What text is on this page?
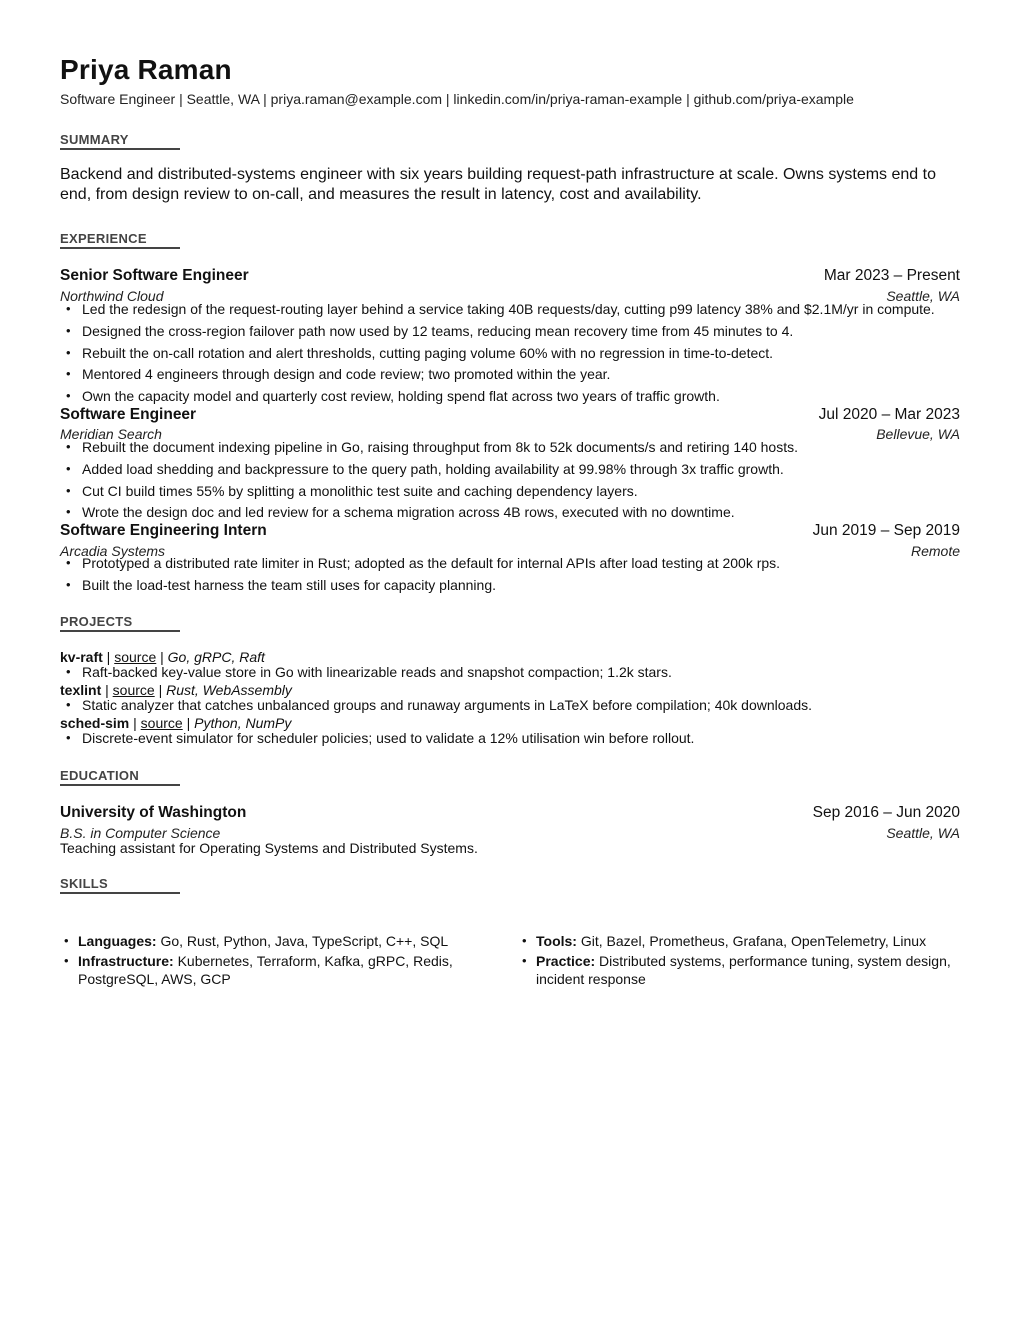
Priya Raman
Software Engineer | Seattle, WA | priya.raman@example.com | linkedin.com/in/priya-raman-example | github.com/priya-example
SUMMARY
Backend and distributed-systems engineer with six years building request-path infrastructure at scale. Owns systems end to end, from design review to on-call, and measures the result in latency, cost and availability.
EXPERIENCE
Senior Software Engineer	Mar 2023 – Present
Northwind Cloud	Seattle, WA
• Led the redesign of the request-routing layer behind a service taking 40B requests/day, cutting p99 latency 38% and $2.1M/yr in compute.
• Designed the cross-region failover path now used by 12 teams, reducing mean recovery time from 45 minutes to 4.
• Rebuilt the on-call rotation and alert thresholds, cutting paging volume 60% with no regression in time-to-detect.
• Mentored 4 engineers through design and code review; two promoted within the year.
• Own the capacity model and quarterly cost review, holding spend flat across two years of traffic growth.
Software Engineer	Jul 2020 – Mar 2023
Meridian Search	Bellevue, WA
• Rebuilt the document indexing pipeline in Go, raising throughput from 8k to 52k documents/s and retiring 140 hosts.
• Added load shedding and backpressure to the query path, holding availability at 99.98% through 3x traffic growth.
• Cut CI build times 55% by splitting a monolithic test suite and caching dependency layers.
• Wrote the design doc and led review for a schema migration across 4B rows, executed with no downtime.
Software Engineering Intern	Jun 2019 – Sep 2019
Arcadia Systems	Remote
• Prototyped a distributed rate limiter in Rust; adopted as the default for internal APIs after load testing at 200k rps.
• Built the load-test harness the team still uses for capacity planning.
PROJECTS
kv-raft | source | Go, gRPC, Raft
• Raft-backed key-value store in Go with linearizable reads and snapshot compaction; 1.2k stars.
texlint | source | Rust, WebAssembly
• Static analyzer that catches unbalanced groups and runaway arguments in LaTeX before compilation; 40k downloads.
sched-sim | source | Python, NumPy
• Discrete-event simulator for scheduler policies; used to validate a 12% utilisation win before rollout.
EDUCATION
University of Washington	Sep 2016 – Jun 2020
B.S. in Computer Science	Seattle, WA
Teaching assistant for Operating Systems and Distributed Systems.
SKILLS
• Languages: Go, Rust, Python, Java, TypeScript, C++, SQL
• Infrastructure: Kubernetes, Terraform, Kafka, gRPC, Redis, PostgreSQL, AWS, GCP
• Tools: Git, Bazel, Prometheus, Grafana, OpenTelemetry, Linux
• Practice: Distributed systems, performance tuning, system design, incident response
